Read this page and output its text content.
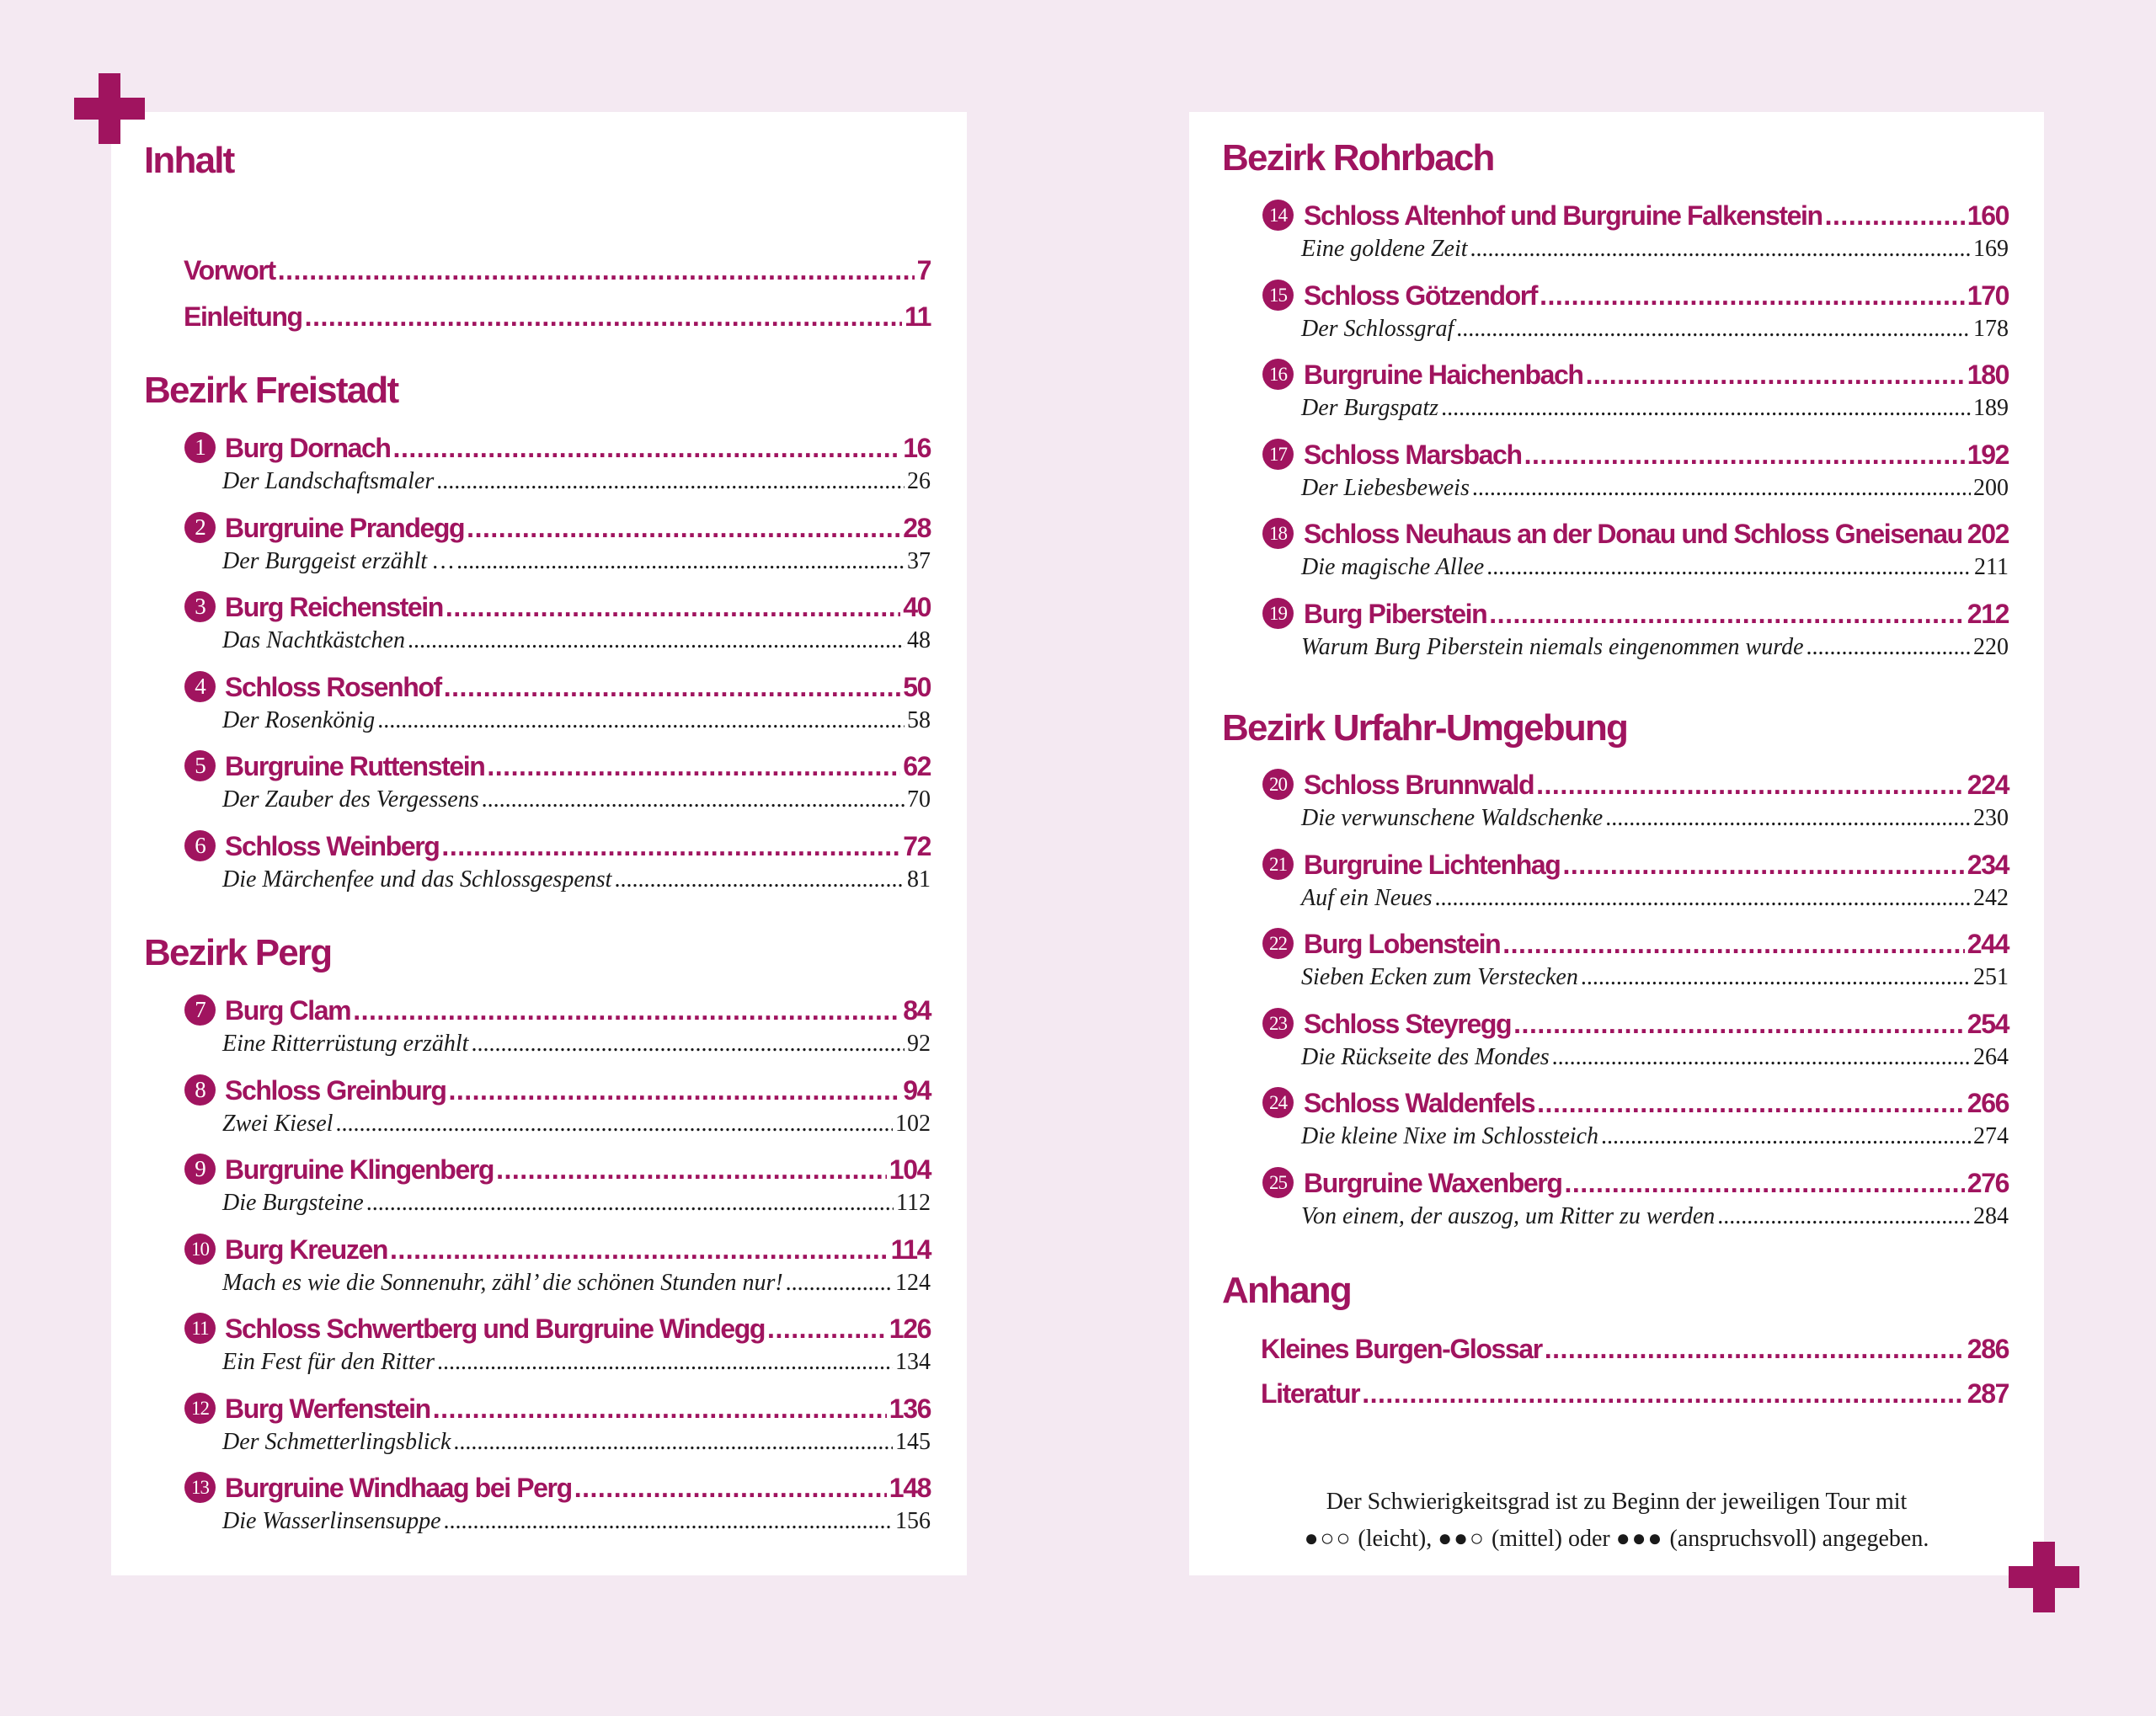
Inhalt
Vorwort .....	7
Einleitung .....	11
Bezirk Freistadt
Bezirk Perg
Bezirk Rohrbach
Bezirk Urfahr-Umgebung
Anhang
Kleines Burgen-Glossar .....	286
Literatur .....	287

Der Schwierigkeitsgrad ist zu Beginn der jeweiligen Tour mit

●○○ (leicht), ●●○ (mittel) oder ●●● (anspruchsvoll) angegeben.

1 Burg Dornach .....	16
Der Landschaftsmaler .....	26
2 Burgruine Prandegg .....	28
Der Burggeist erzählt … .....	37
3 Burg Reichenstein .....	40
Das Nachtkästchen .....	48
4 Schloss Rosenhof .....	50
Der Rosenkönig .....	58
5 Burgruine Ruttenstein .....	62
Der Zauber des Vergessens .....	70
6 Schloss Weinberg .....	72
Die Märchenfee und das Schlossgespenst .....	81
7 Burg Clam .....	84
Eine Ritterrüstung erzählt .....	92
8 Schloss Greinburg .....	94
Zwei Kiesel .....	102
9 Burgruine Klingenberg .....	104
Die Burgsteine .....	112
10 Burg Kreuzen .....	114
Mach es wie die Sonnenuhr, zähl’ die schönen Stunden nur! .....	124
11 Schloss Schwertberg und Burgruine Windegg .....	126
Ein Fest für den Ritter .....	134
12 Burg Werfenstein .....	136
Der Schmetterlingsblick .....	145
13 Burgruine Windhaag bei Perg .....	148
Die Wasserlinsensuppe .....	156
14 Schloss Altenhof und Burgruine Falkenstein .....	160
Eine goldene Zeit .....	169
15 Schloss Götzendorf .....	170
Der Schlossgraf .....	178
16 Burgruine Haichenbach .....	180
Der Burgspatz .....	189
17 Schloss Marsbach .....	192
Der Liebesbeweis .....	200
18 Schloss Neuhaus an der Donau und Schloss Gneisenau ..... 202
Die magische Allee .....	211
19 Burg Piberstein .....	212
Warum Burg Piberstein niemals eingenommen wurde .....	220
20 Schloss Brunnwald .....	224
Die verwunschene Waldschenke .....	230
21 Burgruine Lichtenhag .....	234
Auf ein Neues .....	242
22 Burg Lobenstein .....	244
Sieben Ecken zum Verstecken .....	251
23 Schloss Steyregg .....	254
Die Rückseite des Mondes .....	264
24 Schloss Waldenfels .....	266
Die kleine Nixe im Schlossteich .....	274
25 Burgruine Waxenberg .....	276
Von einem, der auszog, um Ritter zu werden .....	284
